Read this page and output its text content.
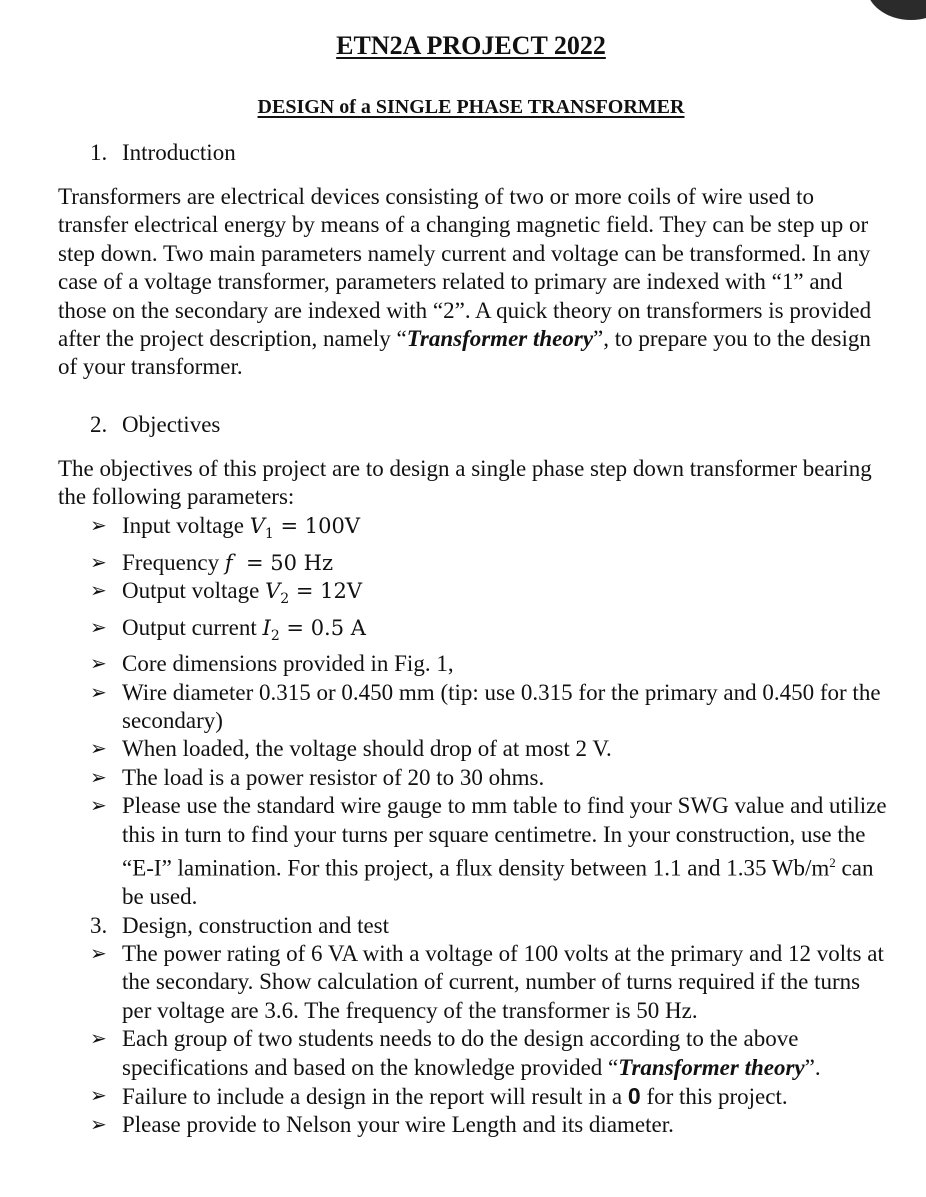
ETN2A PROJECT 2022
DESIGN of a SINGLE PHASE TRANSFORMER
1. Introduction
Transformers are electrical devices consisting of two or more coils of wire used to transfer electrical energy by means of a changing magnetic field. They can be step up or step down. Two main parameters namely current and voltage can be transformed. In any case of a voltage transformer, parameters related to primary are indexed with “1” and those on the secondary are indexed with “2”. A quick theory on transformers is provided after the project description, namely “Transformer theory”, to prepare you to the design of your transformer.
2. Objectives
The objectives of this project are to design a single phase step down transformer bearing the following parameters:
➢ Input voltage $V_1 = 100V$
➢ Frequency f  = 50 Hz
➢ Output voltage $V_2 = 12V$
➢ Output current $I_2 = 0.5$ A
➢ Core dimensions provided in Fig. 1,
➢ Wire diameter 0.315 or 0.450 mm (tip: use 0.315 for the primary and 0.450 for the secondary)
➢ When loaded, the voltage should drop of at most 2 V.
➢ The load is a power resistor of 20 to 30 ohms.
➢ Please use the standard wire gauge to mm table to find your SWG value and utilize this in turn to find your turns per square centimetre. In your construction, use the “E-I” lamination. For this project, a flux density between 1.1 and 1.35 $Wb/m^2$ can be used.
3. Design, construction and test
➢ The power rating of 6 VA with a voltage of 100 volts at the primary and 12 volts at the secondary. Show calculation of current, number of turns required if the turns per voltage are 3.6. The frequency of the transformer is 50 Hz.
➢ Each group of two students needs to do the design according to the above specifications and based on the knowledge provided “Transformer theory”.
➢ Failure to include a design in the report will result in a 0 for this project.
➢ Please provide to Nelson your wire Length and its diameter.
